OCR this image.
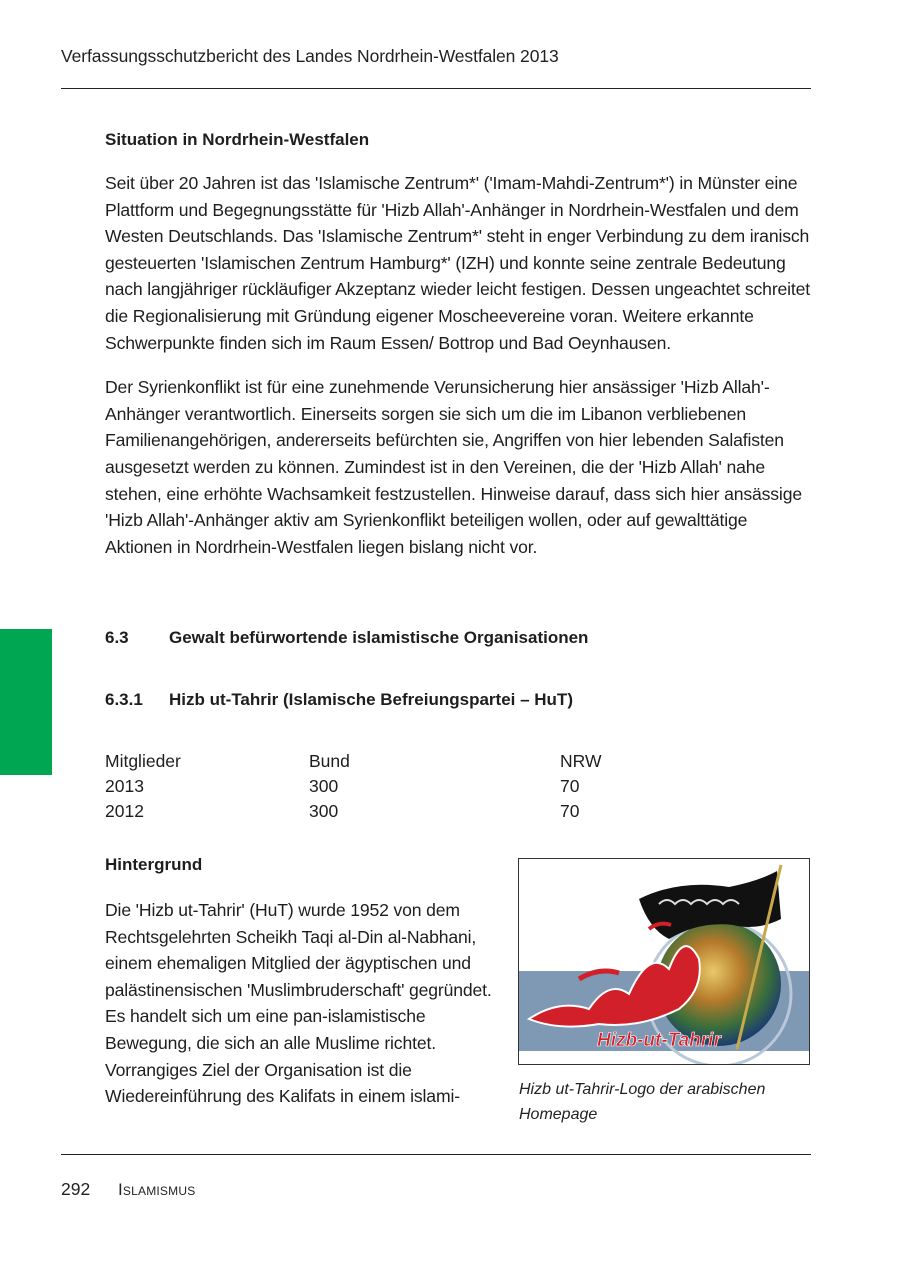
Verfassungsschutzbericht des Landes Nordrhein-Westfalen 2013
Situation in Nordrhein-Westfalen

Seit über 20 Jahren ist das 'Islamische Zentrum*' ('Imam-Mahdi-Zentrum*') in Münster eine Plattform und Begegnungsstätte für 'Hizb Allah'-Anhänger in Nordrhein-Westfalen und dem Westen Deutschlands. Das 'Islamische Zentrum*' steht in enger Verbindung zu dem iranisch gesteuerten 'Islamischen Zentrum Hamburg*' (IZH) und konnte seine zentrale Bedeutung nach langjähriger rückläufiger Akzeptanz wieder leicht festigen. Dessen ungeachtet schreitet die Regionalisierung mit Gründung eigener Moscheevereine voran. Weitere erkannte Schwerpunkte finden sich im Raum Essen/ Bottrop und Bad Oeynhausen.

Der Syrienkonflikt ist für eine zunehmende Verunsicherung hier ansässiger 'Hizb Allah'-Anhänger verantwortlich. Einerseits sorgen sie sich um die im Libanon verbliebenen Familienangehörigen, andererseits befürchten sie, Angriffen von hier lebenden Salafisten ausgesetzt werden zu können. Zumindest ist in den Vereinen, die der 'Hizb Allah' nahe stehen, eine erhöhte Wachsamkeit festzustellen. Hinweise darauf, dass sich hier ansässige 'Hizb Allah'-Anhänger aktiv am Syrienkonflikt beteiligen wollen, oder auf gewalttätige Aktionen in Nordrhein-Westfalen liegen bislang nicht vor.

6.3 Gewalt befürwortende islamistische Organisationen
6.3.1 Hizb ut-Tahrir (Islamische Befreiungspartei – HuT)
Mitglieder	Bund	NRW
2013	300	70
2012	300	70
Hintergrund

Die 'Hizb ut-Tahrir' (HuT) wurde 1952 von dem Rechtsgelehrten Scheikh Taqi al-Din al-Nabhani, einem ehemaligen Mitglied der ägyptischen und palästinensischen 'Muslimbruderschaft' gegründet. Es handelt sich um eine pan-islamistische Bewegung, die sich an alle Muslime richtet. Vorrangiges Ziel der Organisation ist die Wiedereinführung des Kalifats in einem islami-

Hizb-ut-Tahrir
Hizb ut-Tahrir-Logo der arabischen Homepage
292 Islamismus
